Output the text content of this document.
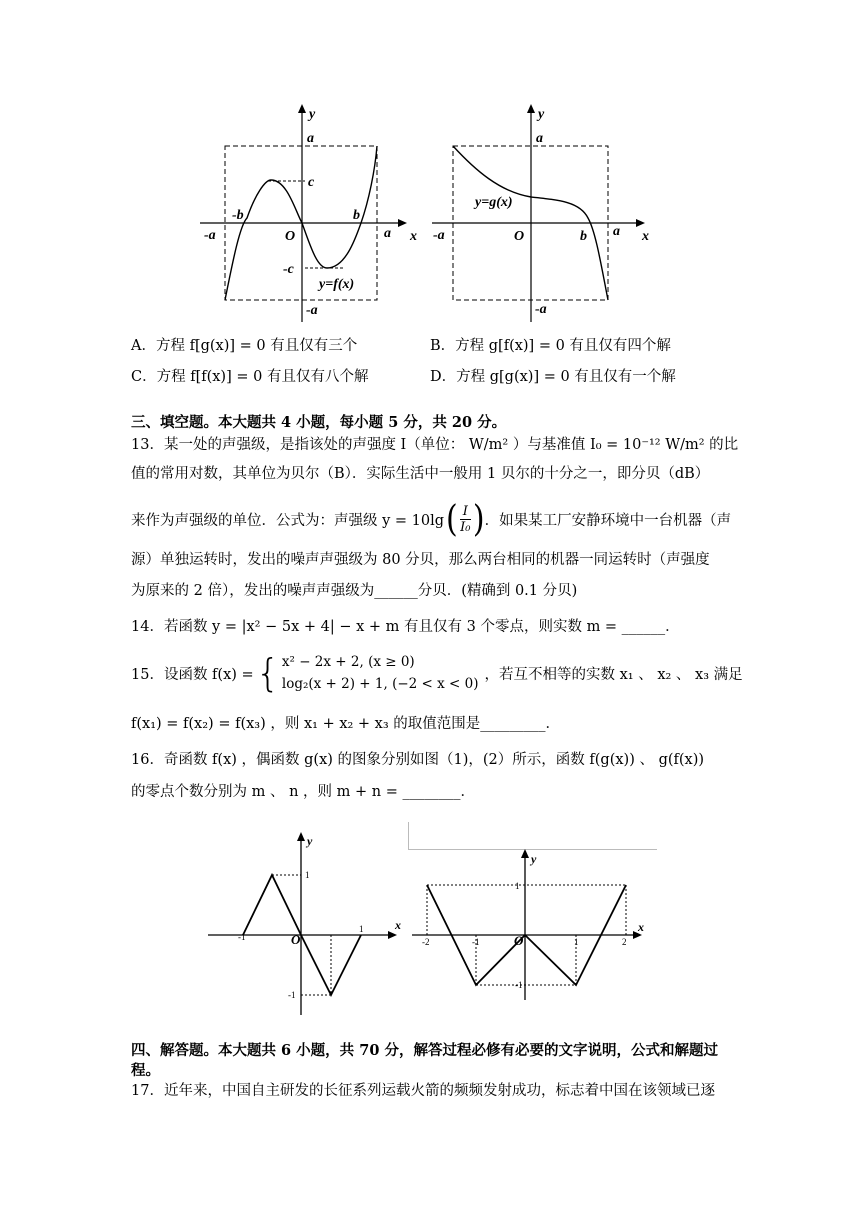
y
x
a
c
-b
-a	O
b
a
-c
y=f(x)
-a
y
x
a
y=g(x)
-a	O	b a
-a
A．方程 f[g(x)] = 0 有且仅有三个	B．方程 g[f(x)] = 0 有且仅有四个解
C．方程 f[f(x)] = 0 有且仅有八个解	D．方程 g[g(x)] = 0 有且仅有一个解
三、填空题。本大题共 4 小题，每小题 5 分，共 20 分。
13．某一处的声强级，是指该处的声强度 I（单位： W/m² ）与基准值 I₀ = 10⁻¹² W/m² 的比
值的常用对数，其单位为贝尔（B）．实际生活中一般用 1 贝尔的十分之一，即分贝（dB）
来作为声强级的单位．公式为：声强级 y = 10lg ( I
I₀ ) ．如果某工厂安静环境中一台机器（声
源）单独运转时，发出的噪声声强级为 80 分贝，那么两台相同的机器一同运转时（声强度
为原来的 2 倍），发出的噪声声强级为______分贝．(精确到 0.1 分贝)
14．若函数 y = |x² − 5x + 4| − x + m 有且仅有 3 个零点，则实数 m = ______．
15．设函数 f(x) = { x² − 2x + 2, (x ≥ 0)
log₂(x + 2) + 1, (−2 < x < 0)
，若互不相等的实数 x₁ 、 x₂ 、 x₃ 满足
f(x₁) = f(x₂) = f(x₃) ，则 x₁ + x₂ + x₃ 的取值范围是_________．
16．奇函数 f(x) ，偶函数 g(x) 的图象分别如图（1)，(2）所示，函数 f(g(x)) 、 g(f(x))
的零点个数分别为 m 、 n ，则 m + n = ________．
y
x
1
-1	O
1
-1
y
x
1
-2	-1	O	1	2
-1
四、解答题。本大题共 6 小题，共 70 分，解答过程必修有必要的文字说明，公式和解题过
程。
17．近年来，中国自主研发的长征系列运载火箭的频频发射成功，标志着中国在该领域已逐
